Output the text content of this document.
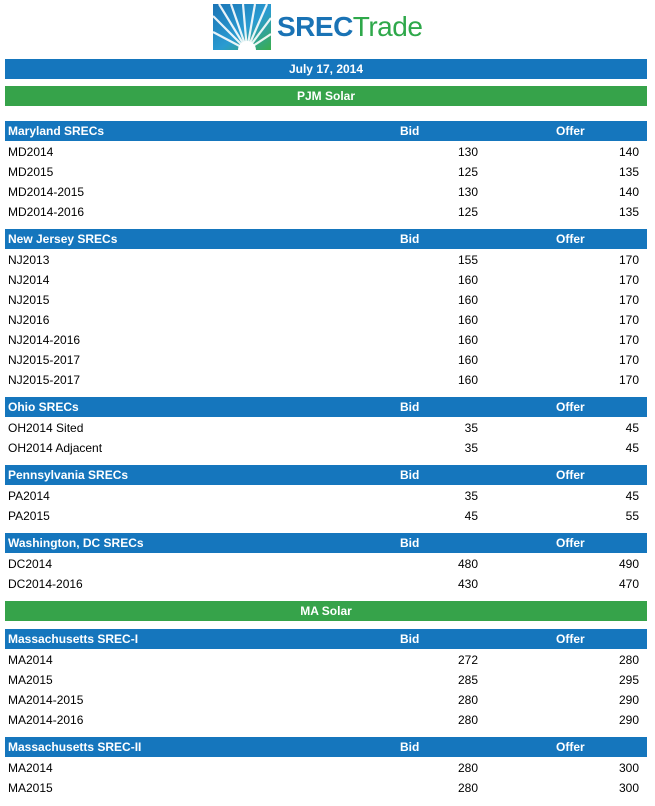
SRECTrade
July 17, 2014
PJM Solar
Maryland SRECs	Bid	Offer
MD2014	130	140
MD2015	125	135
MD2014-2015	130	140
MD2014-2016	125	135
New Jersey SRECs	Bid	Offer
NJ2013	155	170
NJ2014	160	170
NJ2015	160	170
NJ2016	160	170
NJ2014-2016	160	170
NJ2015-2017	160	170
NJ2015-2017	160	170
Ohio SRECs	Bid	Offer
OH2014 Sited	35	45
OH2014 Adjacent	35	45
Pennsylvania SRECs	Bid	Offer
PA2014	35	45
PA2015	45	55
Washington, DC SRECs	Bid	Offer
DC2014	480	490
DC2014-2016	430	470
MA Solar
Massachusetts SREC-I	Bid	Offer
MA2014	272	280
MA2015	285	295
MA2014-2015	280	290
MA2014-2016	280	290
Massachusetts SREC-II	Bid	Offer
MA2014	280	300
MA2015	280	300
